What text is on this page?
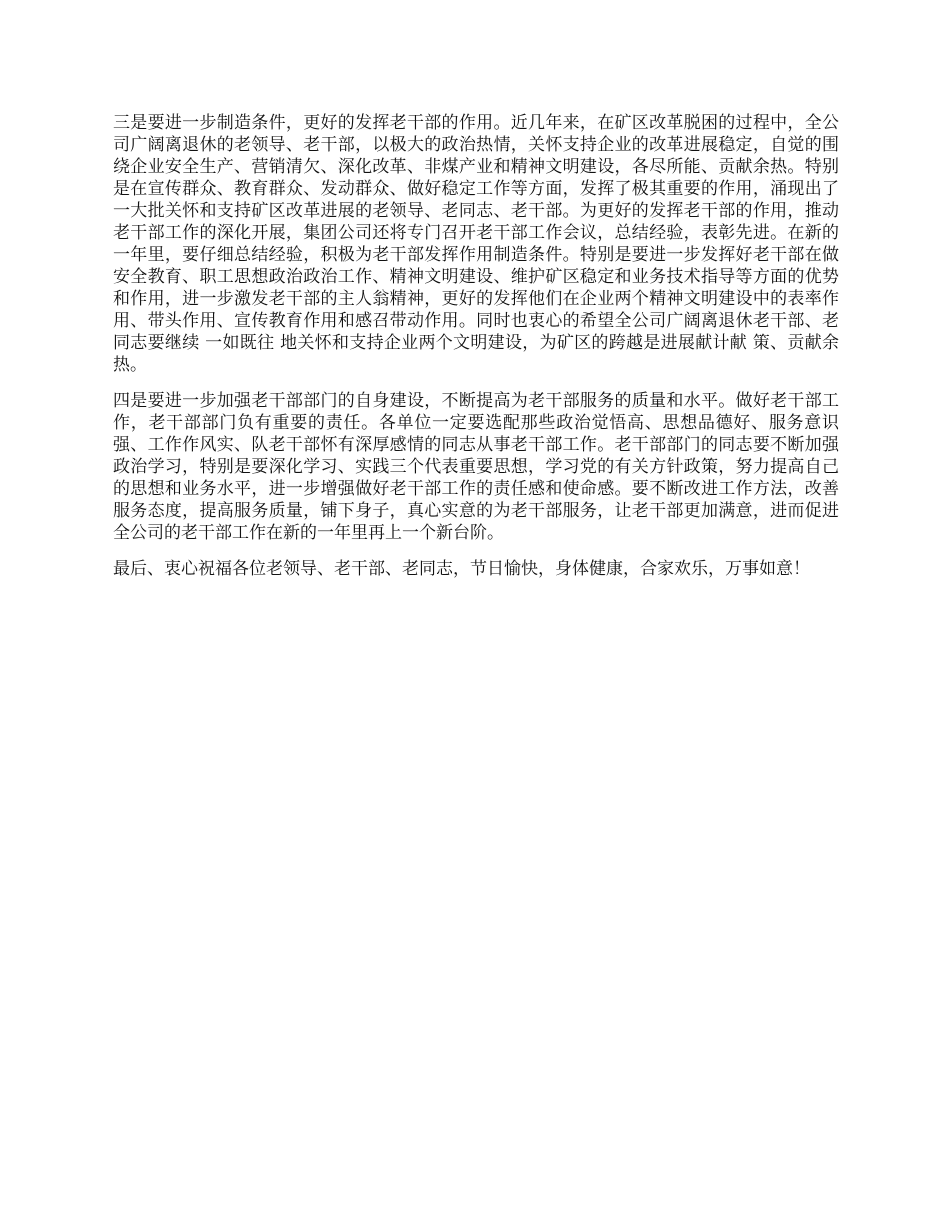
三是要进一步制造条件，更好的发挥老干部的作用。近几年来，在矿区改革脱困的过程中，全公司广阔离退休的老领导、老干部，以极大的政治热情，关怀支持企业的改革进展稳定，自觉的围绕企业安全生产、营销清欠、深化改革、非煤产业和精神文明建设，各尽所能、贡献余热。特别是在宣传群众、教育群众、发动群众、做好稳定工作等方面，发挥了极其重要的作用，涌现出了一大批关怀和支持矿区改革进展的老领导、老同志、老干部。为更好的发挥老干部的作用，推动老干部工作的深化开展，集团公司还将专门召开老干部工作会议，总结经验，表彰先进。在新的一年里，要仔细总结经验，积极为老干部发挥作用制造条件。特别是要进一步发挥好老干部在做安全教育、职工思想政治政治工作、精神文明建设、维护矿区稳定和业务技术指导等方面的优势和作用，进一步激发老干部的主人翁精神，更好的发挥他们在企业两个精神文明建设中的表率作用、带头作用、宣传教育作用和感召带动作用。同时也衷心的希望全公司广阔离退休老干部、老同志要继续 一如既往 地关怀和支持企业两个文明建设，为矿区的跨越是进展献计献 策、贡献余热。

四是要进一步加强老干部部门的自身建设，不断提高为老干部服务的质量和水平。做好老干部工作，老干部部门负有重要的责任。各单位一定要选配那些政治觉悟高、思想品德好、服务意识强、工作作风实、队老干部怀有深厚感情的同志从事老干部工作。老干部部门的同志要不断加强政治学习，特别是要深化学习、实践三个代表重要思想，学习党的有关方针政策，努力提高自己的思想和业务水平，进一步增强做好老干部工作的责任感和使命感。要不断改进工作方法，改善服务态度，提高服务质量，铺下身子，真心实意的为老干部服务，让老干部更加满意，进而促进全公司的老干部工作在新的一年里再上一个新台阶。

最后、衷心祝福各位老领导、老干部、老同志，节日愉快，身体健康，合家欢乐，万事如意！
